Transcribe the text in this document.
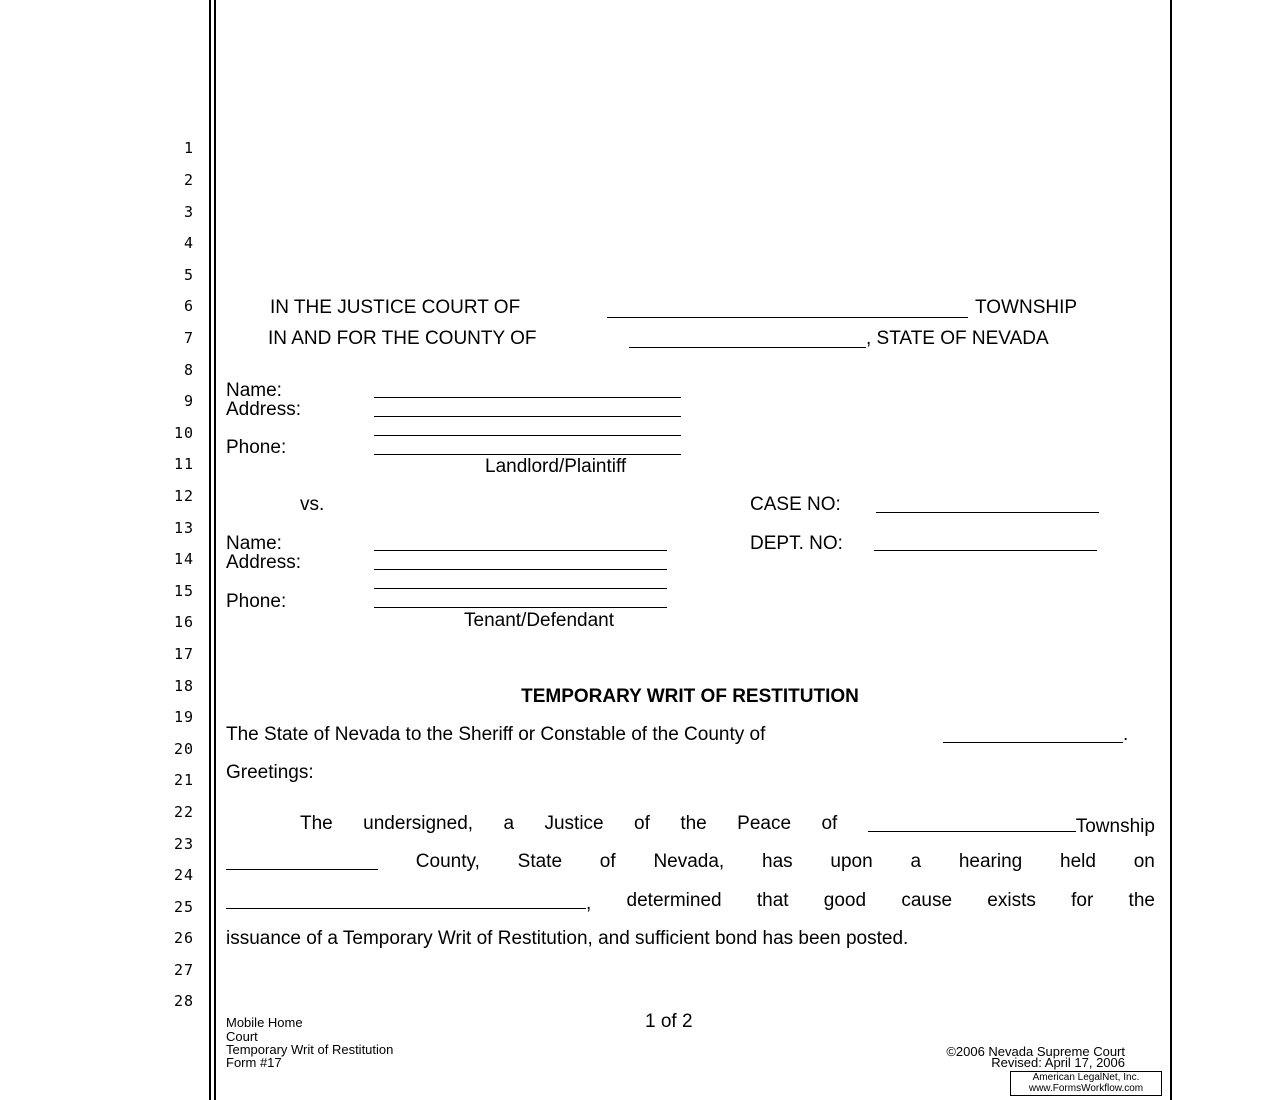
1
2
3
4
5
6
7
8
9
10
11
12
13
14
15
16
17
18
19
20
21
22
23
24
25
26
27
28
IN THE JUSTICE COURT OF	TOWNSHIP
IN AND FOR THE COUNTY OF	, STATE OF NEVADA
Name:
Address:
Phone:
Landlord/Plaintiff
vs.	CASE NO:
DEPT. NO:
Name:
Address:
Phone:
Tenant/Defendant
TEMPORARY WRIT OF RESTITUTION
The State of Nevada to the Sheriff or Constable of the County of	.
Greetings:
The undersigned, a Justice of the Peace of	Township
County, State of Nevada, has upon a hearing held on
, determined that good cause exists for the
issuance of a Temporary Writ of Restitution, and sufficient bond has been posted.
Mobile Home
Court
Temporary Writ of Restitution
Form #17
1 of 2
©2006 Nevada Supreme Court
Revised: April 17, 2006
American LegalNet, Inc.
www.FormsWorkflow.com
